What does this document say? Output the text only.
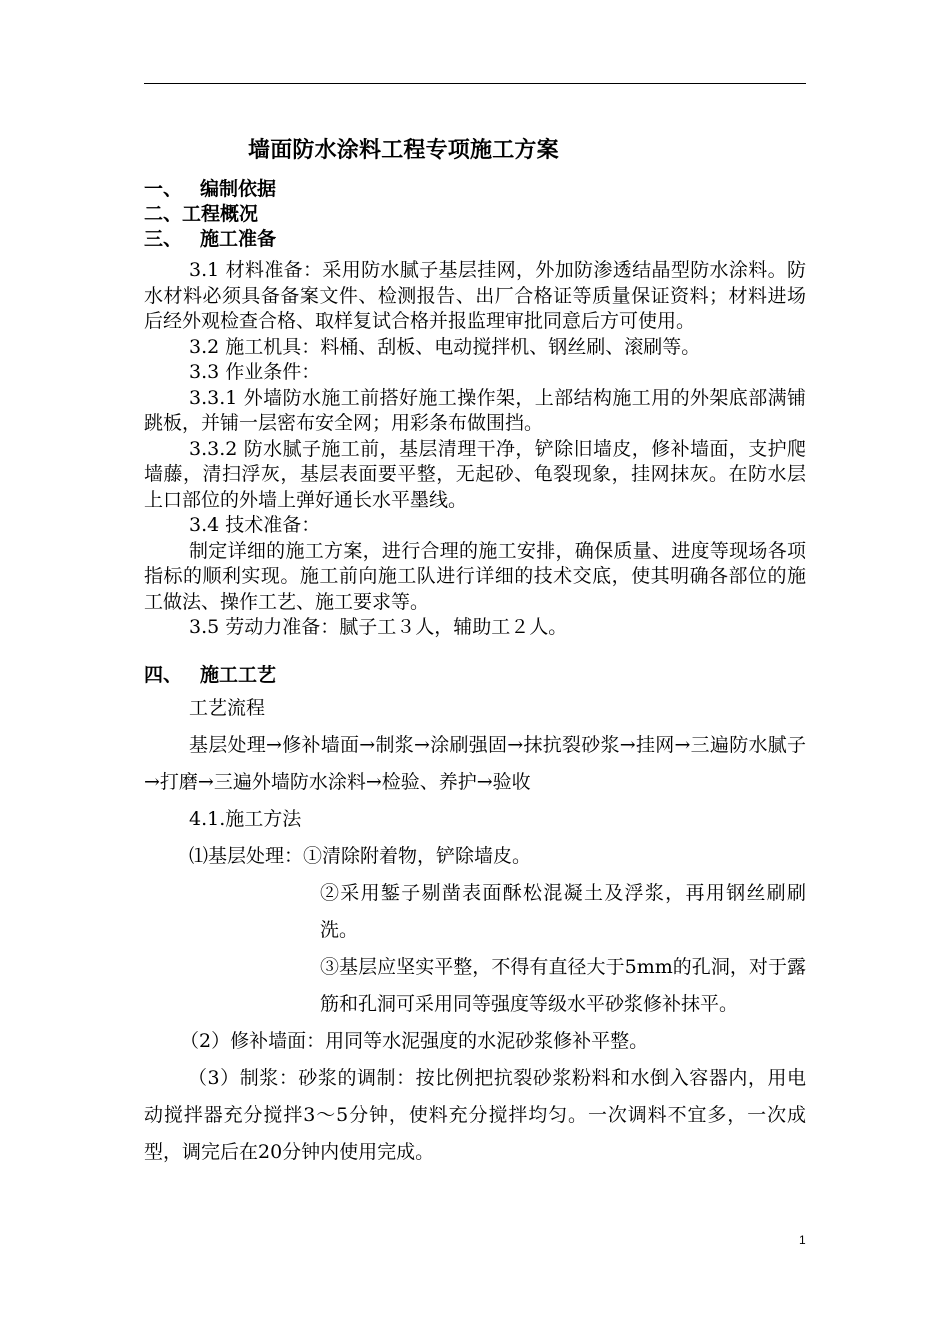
墙面防水涂料工程专项施工方案
一、 编制依据
二、工程概况
三、 施工准备

3.1 材料准备：采用防水腻子基层挂网，外加防渗透结晶型防水涂料。防水材料必须具备备案文件、检测报告、出厂合格证等质量保证资料；材料进场后经外观检查合格、取样复试合格并报监理审批同意后方可使用。

3.2 施工机具：料桶、刮板、电动搅拌机、钢丝刷、滚刷等。

3.3 作业条件：

3.3.1 外墙防水施工前搭好施工操作架，上部结构施工用的外架底部满铺跳板，并铺一层密布安全网；用彩条布做围挡。

3.3.2 防水腻子施工前，基层清理干净，铲除旧墙皮，修补墙面，支护爬墙藤，清扫浮灰，基层表面要平整，无起砂、龟裂现象，挂网抹灰。在防水层上口部位的外墙上弹好通长水平墨线。

3.4 技术准备：

制定详细的施工方案，进行合理的施工安排，确保质量、进度等现场各项指标的顺利实现。施工前向施工队进行详细的技术交底，使其明确各部位的施工做法、操作工艺、施工要求等。

3.5 劳动力准备：腻子工３人，辅助工２人。

四、 施工工艺

工艺流程

基层处理→修补墙面→制浆→涂刷强固→抹抗裂砂浆→挂网→三遍防水腻子→打磨→三遍外墙防水涂料→检验、养护→验收

4.1.施工方法

⑴基层处理：①清除附着物，铲除墙皮。

②采用錾子剔凿表面酥松混凝土及浮浆，再用钢丝刷刷洗。

③基层应坚实平整，不得有直径大于5mm的孔洞，对于露筋和孔洞可采用同等强度等级水平砂浆修补抹平。

（2）修补墙面：用同等水泥强度的水泥砂浆修补平整。

（3）制浆：砂浆的调制：按比例把抗裂砂浆粉料和水倒入容器内，用电动搅拌器充分搅拌3～5分钟，使料充分搅拌均匀。一次调料不宜多，一次成型，调完后在20分钟内使用完成。

1
